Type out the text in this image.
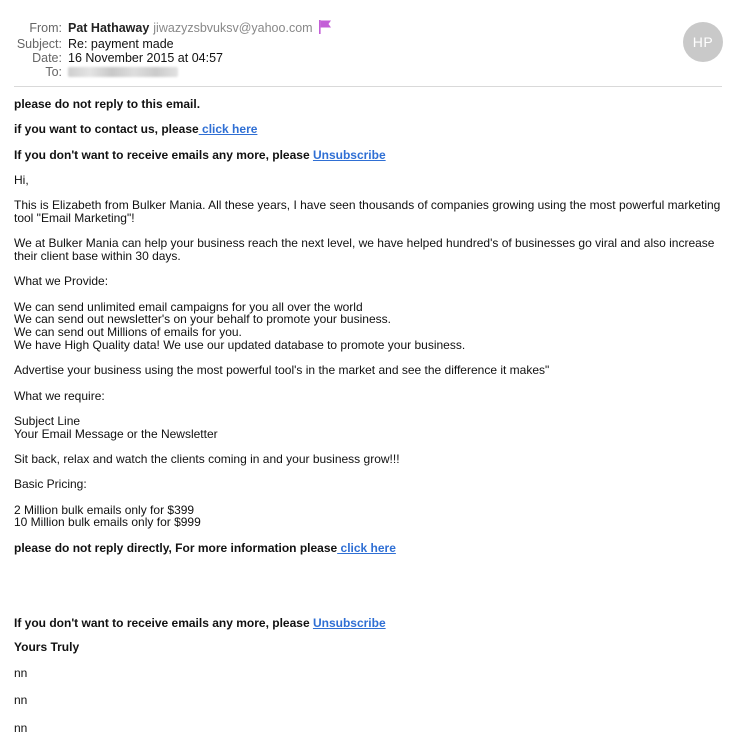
From: Pat Hathaway jiwazyzsbvuksv@yahoo.com
Subject: Re: payment made
Date: 16 November 2015 at 04:57
To:
HP

please do not reply to this email.

if you want to contact us, please click here

If you don't want to receive emails any more, please Unsubscribe

Hi,

This is Elizabeth from Bulker Mania. All these years, I have seen thousands of companies growing using the most powerful marketing tool "Email Marketing"!

We at Bulker Mania can help your business reach the next level, we have helped hundred's of businesses go viral and also increase their client base within 30 days.

What we Provide:

We can send unlimited email campaigns for you all over the world

We can send out newsletter's on your behalf to promote your business.

We can send out Millions of emails for you.

We have High Quality data! We use our updated database to promote your business.

Advertise your business using the most powerful tool's in the market and see the difference it makes"

What we require:

Subject Line

Your Email Message or the Newsletter

Sit back, relax and watch the clients coming in and your business grow!!!

Basic Pricing:

2 Million bulk emails only for $399

10 Million bulk emails only for $999

please do not reply directly, For more information please click here

If you don't want to receive emails any more, please Unsubscribe

Yours Truly

nn

nn

nn
